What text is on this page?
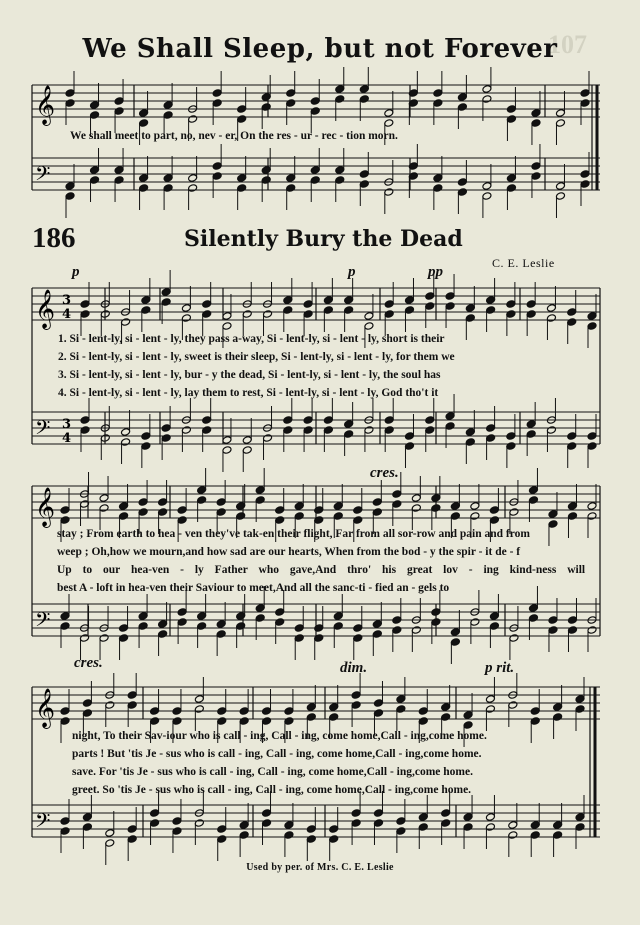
107
We Shall Sleep, but not Forever
𝄞
𝄢
𝄞
𝄢
3
4
3
4
𝄞
𝄢
𝄞
𝄢
We shall meet to part, no, nev - er, On the res - ur - rec - tion morn.
186	Silently Bury the Dead
C. E. Leslie
p	p	pp
cres.
cres.	dim.	p rit.
1. Si - lent-ly, si - lent - ly, they pass a-way, Si - lent-ly, si - lent - ly, short is their
2. Si - lent-ly, si - lent - ly, sweet is their sleep, Si - lent-ly, si - lent - ly, for them we
3. Si - lent-ly, si - lent - ly, bur - y the dead, Si - lent-ly, si - lent - ly, the soul has
4. Si - lent-ly, si - lent - ly, lay them to rest, Si - lent-ly, si - lent - ly, God tho't it
stay ; From earth to hea - ven they've tak-en their flight, Far from all sor-row and pain and from
weep ; Oh,how we mourn,and how sad are our hearts, When from the bod - y the spir - it de - f
Up to our hea-ven - ly Father who gave,And thro' his great lov - ing kind-ness will
best A - loft in hea-ven their Saviour to meet,And all the sanc-ti - fied an - gels to
night, To their Sav-iour who is call - ing, Call - ing, come home,Call - ing,come home.
parts ! But 'tis Je - sus who is call - ing, Call - ing, come home,Call - ing,come home.
save. For 'tis Je - sus who is call - ing, Call - ing, come home,Call - ing,come home.
greet. So 'tis Je - sus who is call - ing, Call - ing, come home,Call - ing,come home.
Used by per. of Mrs. C. E. Leslie
